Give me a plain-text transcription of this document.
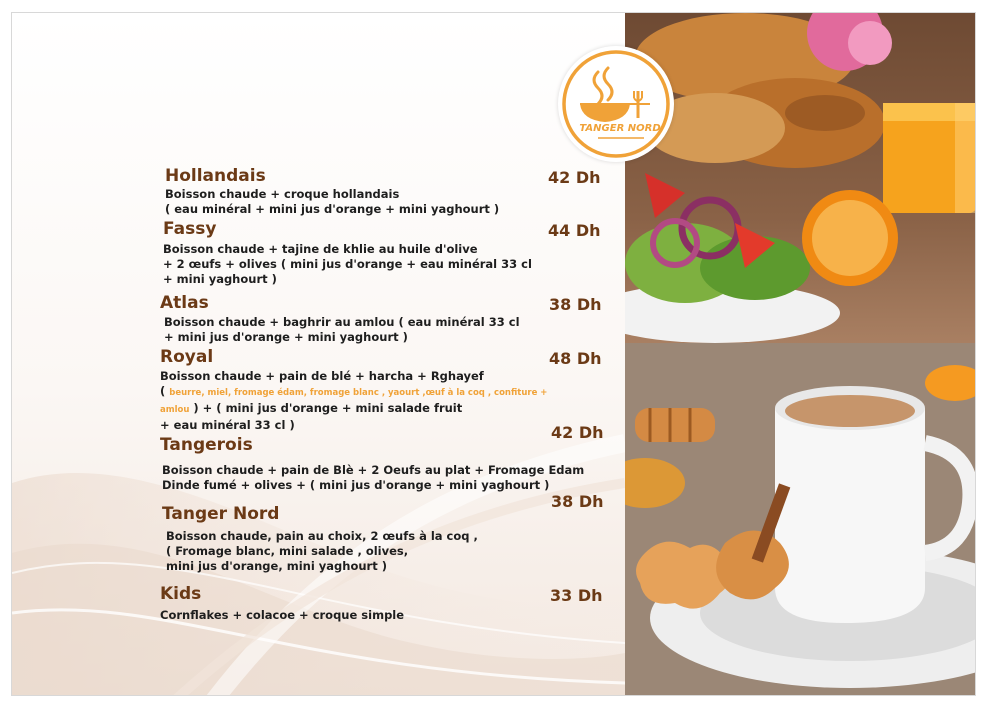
TANGER NORD
Hollandais	42 Dh
Boisson chaude + croque hollandais
( eau minéral + mini jus d'orange + mini yaghourt )
Fassy	44 Dh
Boisson chaude + tajine de khlie au huile d'olive
+ 2 œufs + olives ( mini jus d'orange + eau minéral 33 cl
+ mini yaghourt )
Atlas	38 Dh
Boisson chaude + baghrir au amlou ( eau minéral 33 cl
+ mini jus d'orange + mini yaghourt )
Royal	48 Dh
Boisson chaude + pain de blé + harcha + Rghayef
( beurre, miel, fromage édam, fromage blanc , yaourt ,œuf à la coq , confiture +
amlou ) + ( mini jus d'orange + mini salade fruit
+ eau minéral 33 cl )
Tangerois
42 Dh
Boisson chaude + pain de Blè + 2 Oeufs au plat + Fromage Edam
Dinde fumé + olives + ( mini jus d'orange + mini yaghourt )
Tanger Nord
38 Dh
Boisson chaude, pain au choix, 2 œufs à la coq ,
( Fromage blanc, mini salade , olives,
mini jus d'orange, mini yaghourt )
Kids	33 Dh
Cornflakes + colacoe + croque simple
